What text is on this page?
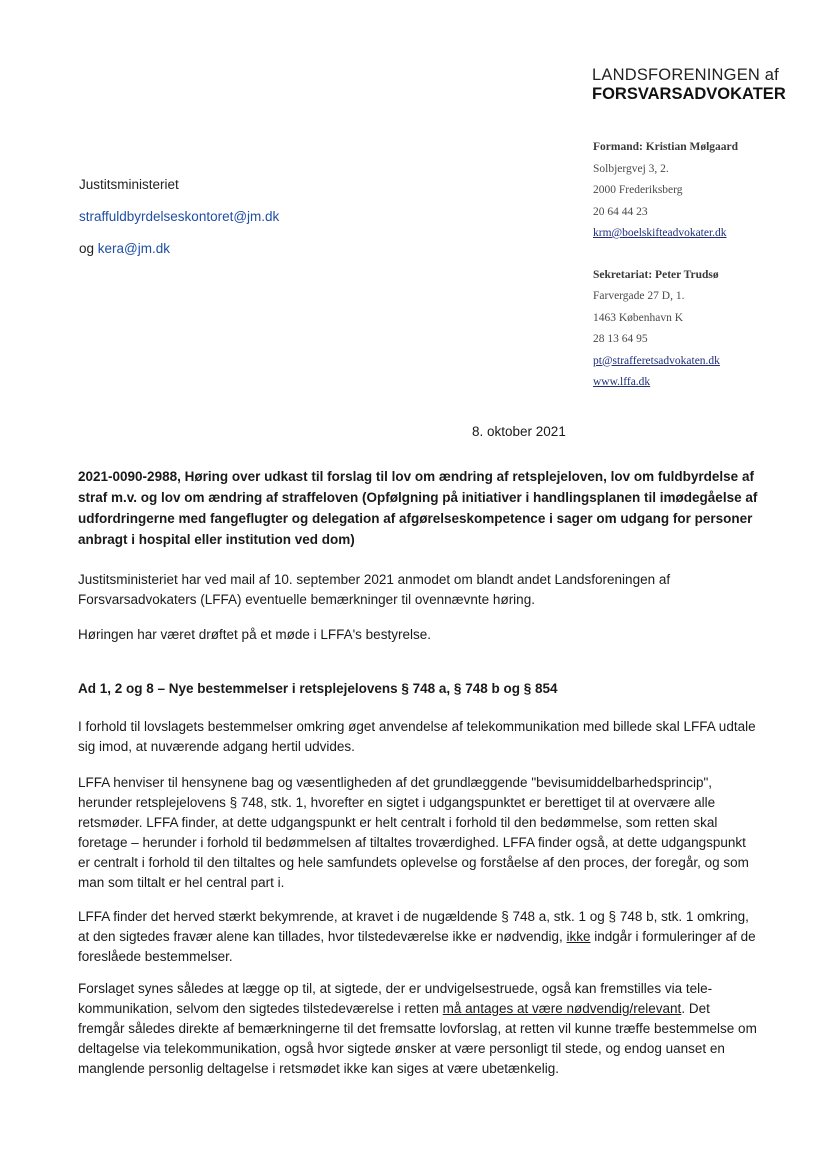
LANDSFORENINGEN af
FORSVARSADVOKATER
Formand: Kristian Mølgaard
Solbjergvej 3, 2.
2000 Frederiksberg
20 64 44 23
krm@boelskifteadvokater.dk
Sekretariat: Peter Trudsø
Farvergade 27 D, 1.
1463 København K
28 13 64 95
pt@strafferetsadvokaten.dk
www.lffa.dk
Justitsministeriet
straffuldbyrdelseskontoret@jm.dk
og kera@jm.dk
8. oktober 2021
2021-0090-2988, Høring over udkast til forslag til lov om ændring af retsplejeloven, lov om fuldbyrdelse af straf m.v. og lov om ændring af straffeloven (Opfølgning på initiativer i handlingsplanen til imødegåelse af udfordringerne med fangeflugter og delegation af afgørelseskompetence i sager om udgang for personer anbragt i hospital eller institution ved dom)
Justitsministeriet har ved mail af 10. september 2021 anmodet om blandt andet Landsforeningen af Forsvarsadvokaters (LFFA) eventuelle bemærkninger til ovennævnte høring.
Høringen har været drøftet på et møde i LFFA's bestyrelse.
Ad 1, 2 og 8 – Nye bestemmelser i retsplejelovens § 748 a, § 748 b og § 854
I forhold til lovslagets bestemmelser omkring øget anvendelse af telekommunikation med billede skal LFFA udtale sig imod, at nuværende adgang hertil udvides.
LFFA henviser til hensynene bag og væsentligheden af det grundlæggende "bevisumiddelbarhedsprincip", herunder retsplejelovens § 748, stk. 1, hvorefter en sigtet i udgangspunktet er berettiget til at overvære alle retsmøder. LFFA finder, at dette udgangspunkt er helt centralt i forhold til den bedømmelse, som retten skal foretage – herunder i forhold til bedømmelsen af tiltaltes troværdighed. LFFA finder også, at dette udgangspunkt er centralt i forhold til den tiltaltes og hele samfundets oplevelse og forståelse af den proces, der foregår, og som man som tiltalt er hel central part i.
LFFA finder det herved stærkt bekymrende, at kravet i de nugældende § 748 a, stk. 1 og § 748 b, stk. 1 omkring, at den sigtedes fravær alene kan tillades, hvor tilstedeværelse ikke er nødvendig, ikke indgår i formuleringer af de foreslåede bestemmelser.
Forslaget synes således at lægge op til, at sigtede, der er undvigelsestruede, også kan fremstilles via telekommunikation, selvom den sigtedes tilstedeværelse i retten må antages at være nødvendig/relevant. Det fremgår således direkte af bemærkningerne til det fremsatte lovforslag, at retten vil kunne træffe bestemmelse om deltagelse via telekommunikation, også hvor sigtede ønsker at være personligt til stede, og endog uanset en manglende personlig deltagelse i retsmødet ikke kan siges at være ubetænkelig.
